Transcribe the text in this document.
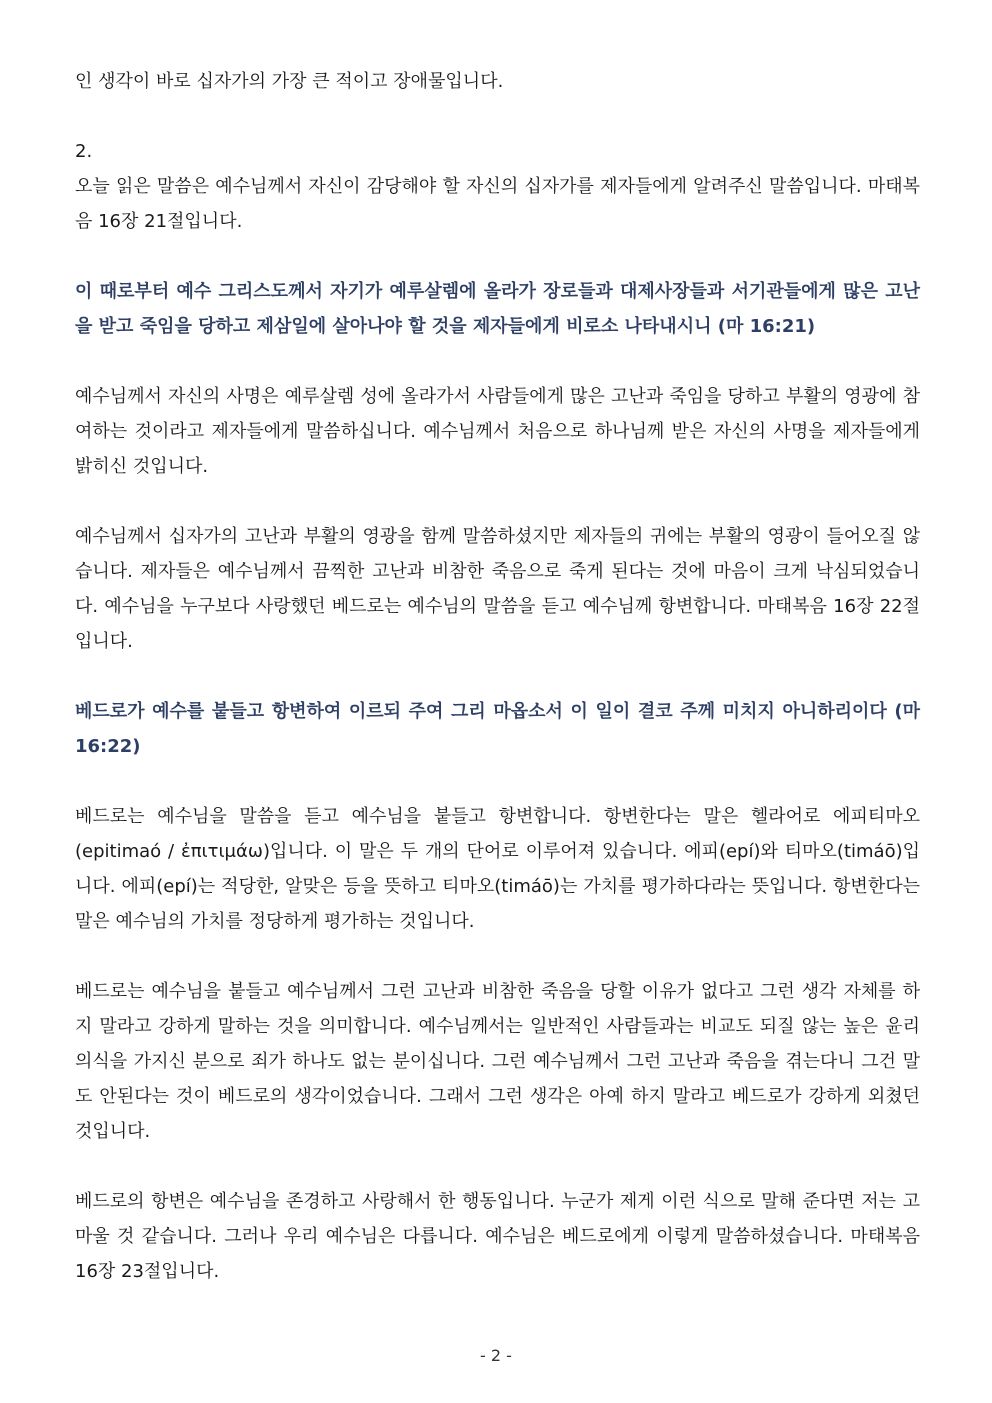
인 생각이 바로 십자가의 가장 큰 적이고 장애물입니다.

2.

오늘 읽은 말씀은 예수님께서 자신이 감당해야 할 자신의 십자가를 제자들에게 알려주신 말씀입니다. 마태복음 16장 21절입니다.

이 때로부터 예수 그리스도께서 자기가 예루살렘에 올라가 장로들과 대제사장들과 서기관들에게 많은 고난을 받고 죽임을 당하고 제삼일에 살아나야 할 것을 제자들에게 비로소 나타내시니 (마 16:21)

예수님께서 자신의 사명은 예루살렘 성에 올라가서 사람들에게 많은 고난과 죽임을 당하고 부활의 영광에 참여하는 것이라고 제자들에게 말씀하십니다. 예수님께서 처음으로 하나님께 받은 자신의 사명을 제자들에게 밝히신 것입니다.

예수님께서 십자가의 고난과 부활의 영광을 함께 말씀하셨지만 제자들의 귀에는 부활의 영광이 들어오질 않습니다. 제자들은 예수님께서 끔찍한 고난과 비참한 죽음으로 죽게 된다는 것에 마음이 크게 낙심되었습니다. 예수님을 누구보다 사랑했던 베드로는 예수님의 말씀을 듣고 예수님께 항변합니다. 마태복음 16장 22절입니다.

베드로가 예수를 붙들고 항변하여 이르되 주여 그리 마옵소서 이 일이 결코 주께 미치지 아니하리이다 (마 16:22)

베드로는 예수님을 말씀을 듣고 예수님을 붙들고 항변합니다. 항변한다는 말은 헬라어로 에피티마오(epitimaó / ἐπιτιμάω)입니다. 이 말은 두 개의 단어로 이루어져 있습니다. 에피(epí)와 티마오(timáō)입니다. 에피(epí)는 적당한, 알맞은 등을 뜻하고 티마오(timáō)는 가치를 평가하다라는 뜻입니다. 항변한다는 말은 예수님의 가치를 정당하게 평가하는 것입니다.

베드로는 예수님을 붙들고 예수님께서 그런 고난과 비참한 죽음을 당할 이유가 없다고 그런 생각 자체를 하지 말라고 강하게 말하는 것을 의미합니다. 예수님께서는 일반적인 사람들과는 비교도 되질 않는 높은 윤리의식을 가지신 분으로 죄가 하나도 없는 분이십니다. 그런 예수님께서 그런 고난과 죽음을 겪는다니 그건 말도 안된다는 것이 베드로의 생각이었습니다. 그래서 그런 생각은 아예 하지 말라고 베드로가 강하게 외쳤던 것입니다.

베드로의 항변은 예수님을 존경하고 사랑해서 한 행동입니다. 누군가 제게 이런 식으로 말해 준다면 저는 고마울 것 같습니다. 그러나 우리 예수님은 다릅니다. 예수님은 베드로에게 이렇게 말씀하셨습니다. 마태복음 16장 23절입니다.

- 2 -
